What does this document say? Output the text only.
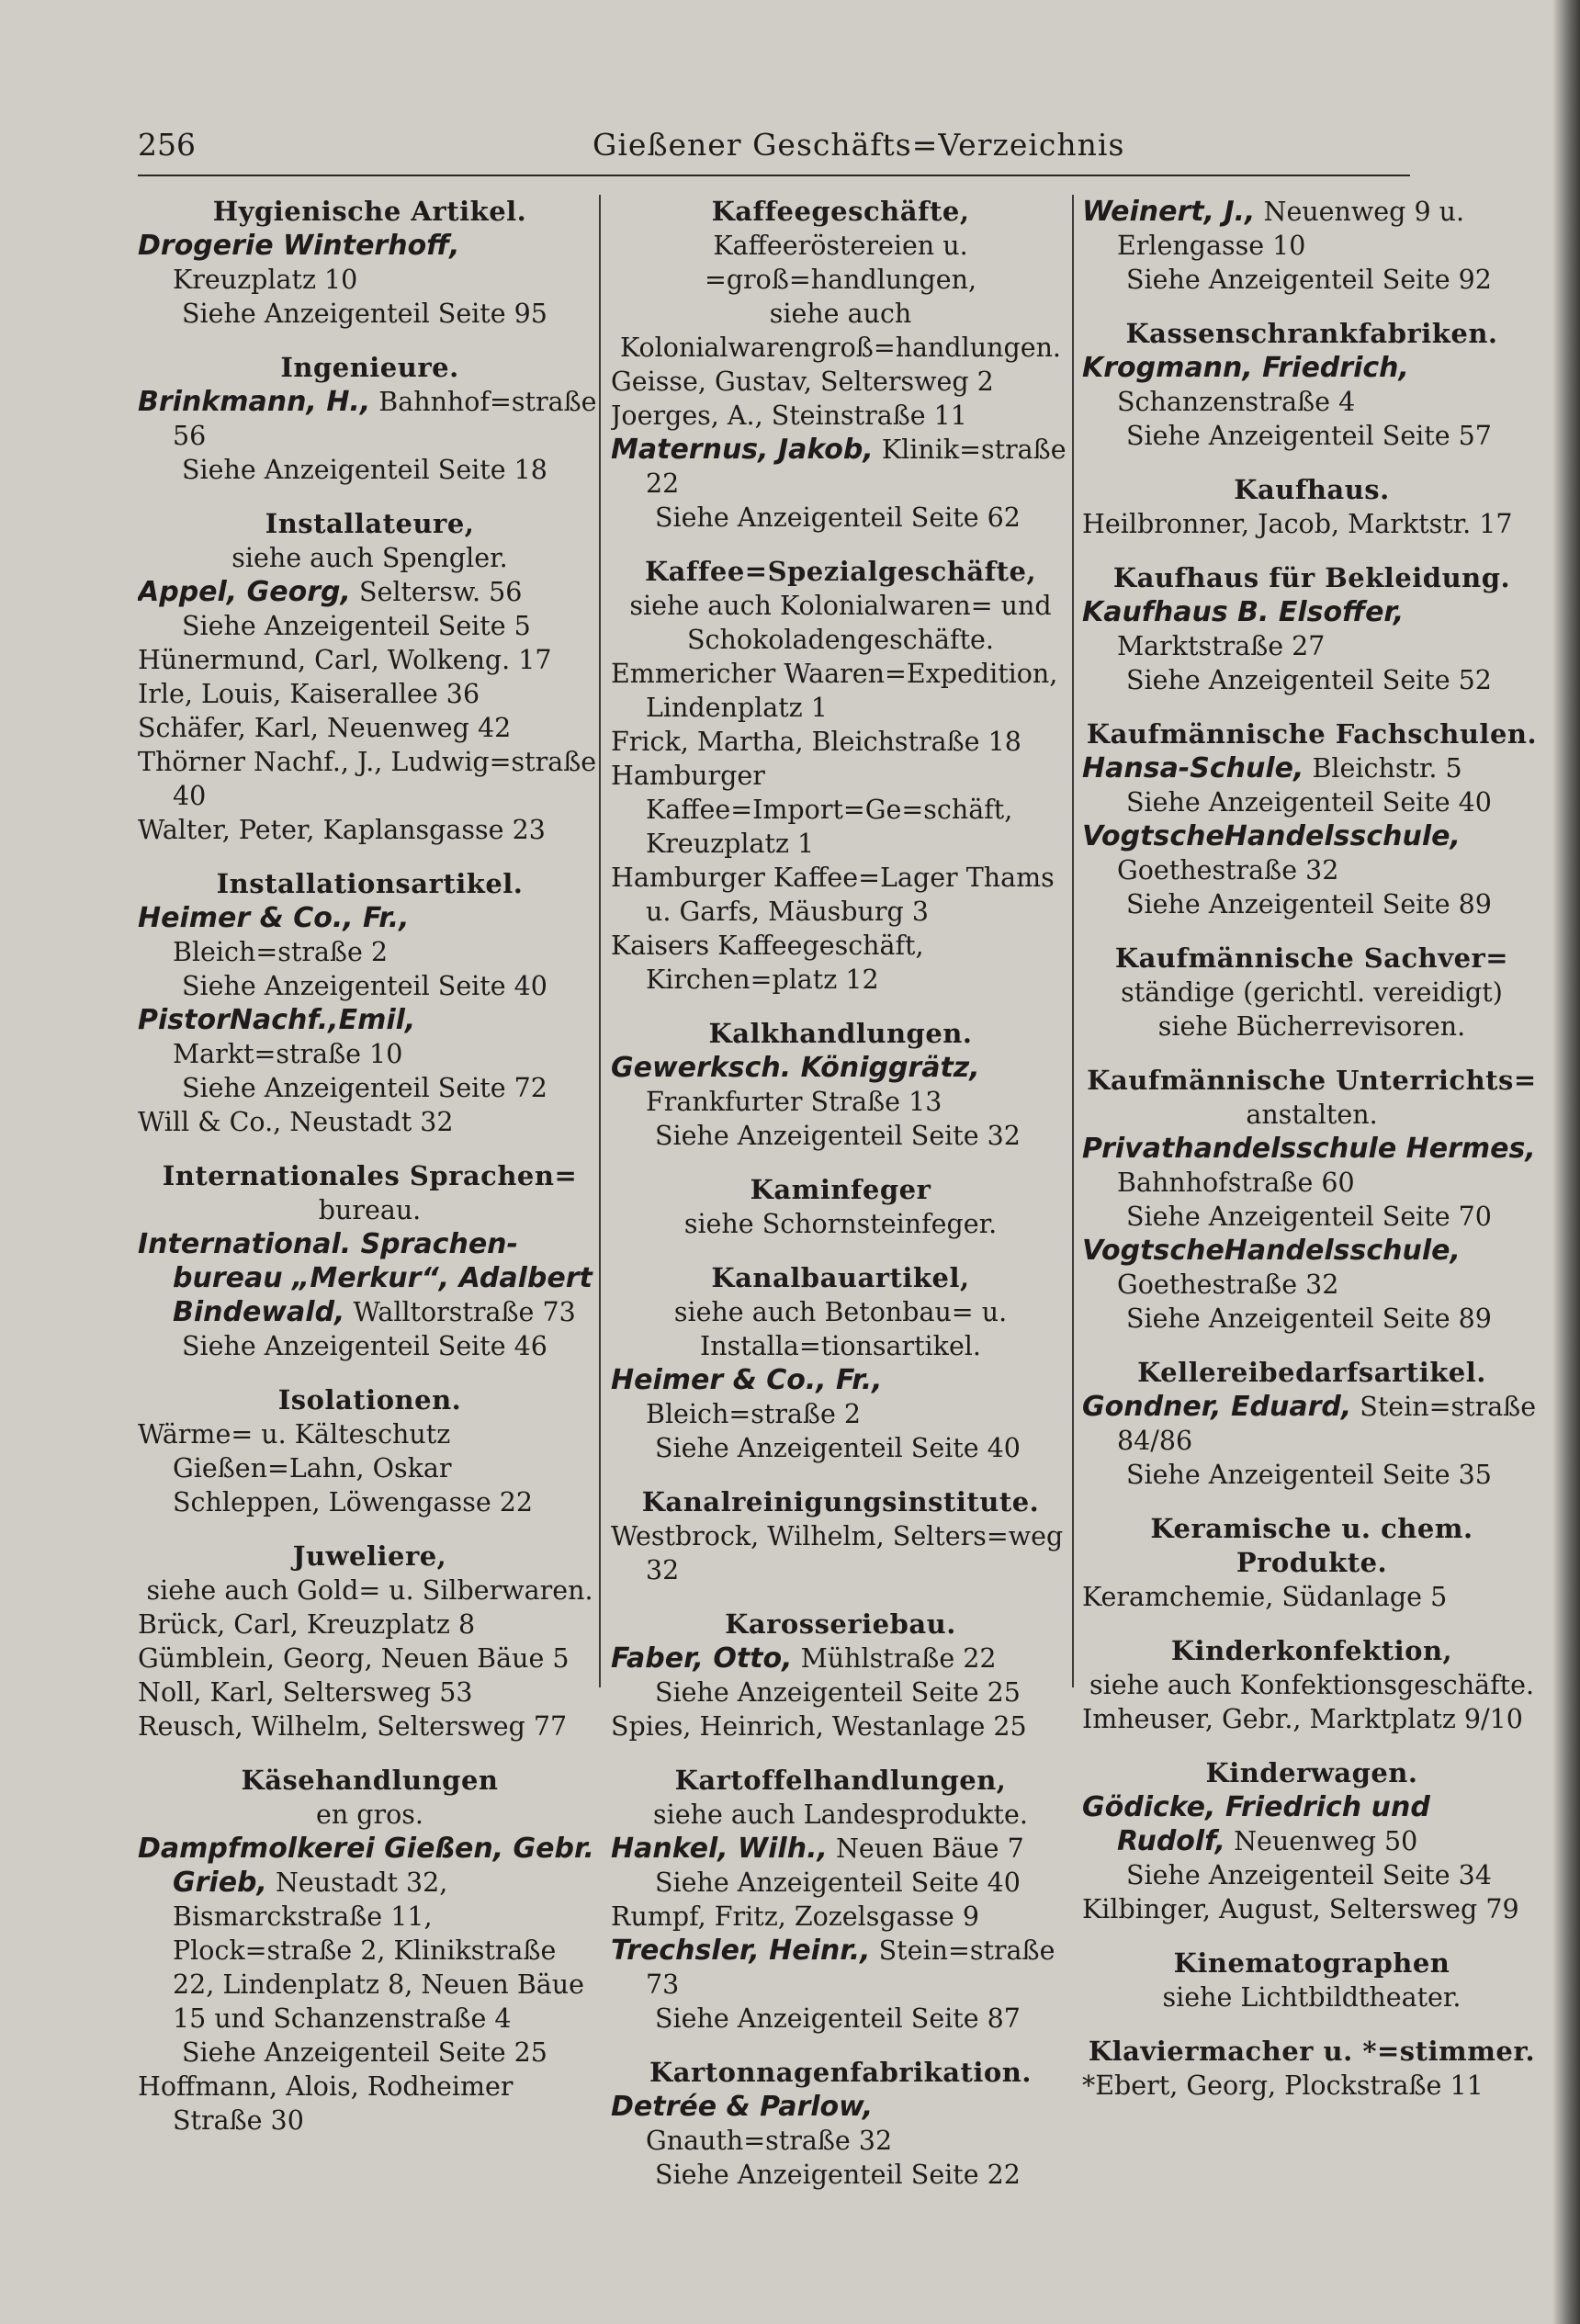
256	Gießener Geschäfts=Verzeichnis
Hygienische Artikel.
Drogerie Winterhoff, Kreuzplatz 10
Siehe Anzeigenteil Seite 95
Ingenieure.
Brinkmann, H., Bahnhof=straße 56
Siehe Anzeigenteil Seite 18
Installateure,
siehe auch Spengler.
Appel, Georg, Seltersw. 56
Siehe Anzeigenteil Seite 5
Hünermund, Carl, Wolkeng. 17
Irle, Louis, Kaiserallee 36
Schäfer, Karl, Neuenweg 42
Thörner Nachf., J., Ludwig=straße 40
Walter, Peter, Kaplansgasse 23
Installationsartikel.
Heimer & Co., Fr., Bleich=straße 2
Siehe Anzeigenteil Seite 40
PistorNachf.,Emil, Markt=straße 10
Siehe Anzeigenteil Seite 72
Will & Co., Neustadt 32
Internationales Sprachen=
bureau.
International. Sprachen-bureau „Merkur“, Adalbert Bindewald, Walltorstraße 73
Siehe Anzeigenteil Seite 46
Isolationen.
Wärme= u. Kälteschutz Gießen=Lahn, Oskar Schleppen, Löwengasse 22
Juweliere,
siehe auch Gold= u. Silberwaren.
Brück, Carl, Kreuzplatz 8
Gümblein, Georg, Neuen Bäue 5
Noll, Karl, Seltersweg 53
Reusch, Wilhelm, Seltersweg 77
Käsehandlungen
en gros.
Dampfmolkerei Gießen, Gebr. Grieb, Neustadt 32, Bismarckstraße 11, Plock=straße 2, Klinikstraße 22, Lindenplatz 8, Neuen Bäue 15 und Schanzenstraße 4
Siehe Anzeigenteil Seite 25
Hoffmann, Alois, Rodheimer Straße 30
Kaffeegeschäfte,
Kaffeeröstereien u. =groß=handlungen,
siehe auch Kolonialwarengroß=handlungen.
Geisse, Gustav, Seltersweg 2
Joerges, A., Steinstraße 11
Maternus, Jakob, Klinik=straße 22
Siehe Anzeigenteil Seite 62
Kaffee=Spezialgeschäfte,
siehe auch Kolonialwaren= und Schokoladengeschäfte.
Emmericher Waaren=Expedition, Lindenplatz 1
Frick, Martha, Bleichstraße 18
Hamburger Kaffee=Import=Ge=schäft, Kreuzplatz 1
Hamburger Kaffee=Lager Thams u. Garfs, Mäusburg 3
Kaisers Kaffeegeschäft, Kirchen=platz 12
Kalkhandlungen.
Gewerksch. Königgrätz, Frankfurter Straße 13
Siehe Anzeigenteil Seite 32
Kaminfeger
siehe Schornsteinfeger.
Kanalbauartikel,
siehe auch Betonbau= u. Installa=tionsartikel.
Heimer & Co., Fr., Bleich=straße 2
Siehe Anzeigenteil Seite 40
Kanalreinigungsinstitute.
Westbrock, Wilhelm, Selters=weg 32
Karosseriebau.
Faber, Otto, Mühlstraße 22
Siehe Anzeigenteil Seite 25
Spies, Heinrich, Westanlage 25
Kartoffelhandlungen,
siehe auch Landesprodukte.
Hankel, Wilh., Neuen Bäue 7
Siehe Anzeigenteil Seite 40
Rumpf, Fritz, Zozelsgasse 9
Trechsler, Heinr., Stein=straße 73
Siehe Anzeigenteil Seite 87
Kartonnagenfabrikation.
Detrée & Parlow, Gnauth=straße 32
Siehe Anzeigenteil Seite 22
Weinert, J., Neuenweg 9 u. Erlengasse 10
Siehe Anzeigenteil Seite 92
Kassenschrankfabriken.
Krogmann, Friedrich, Schanzenstraße 4
Siehe Anzeigenteil Seite 57
Kaufhaus.
Heilbronner, Jacob, Marktstr. 17
Kaufhaus für Bekleidung.
Kaufhaus B. Elsoffer, Marktstraße 27
Siehe Anzeigenteil Seite 52
Kaufmännische Fachschulen.
Hansa-Schule, Bleichstr. 5
Siehe Anzeigenteil Seite 40
VogtscheHandelsschule, Goethestraße 32
Siehe Anzeigenteil Seite 89
Kaufmännische Sachver=
ständige (gerichtl. vereidigt)
siehe Bücherrevisoren.
Kaufmännische Unterrichts=
anstalten.
Privathandelsschule Hermes, Bahnhofstraße 60
Siehe Anzeigenteil Seite 70
VogtscheHandelsschule, Goethestraße 32
Siehe Anzeigenteil Seite 89
Kellereibedarfsartikel.
Gondner, Eduard, Stein=straße 84/86
Siehe Anzeigenteil Seite 35
Keramische u. chem. Produkte.
Keramchemie, Südanlage 5
Kinderkonfektion,
siehe auch Konfektionsgeschäfte.
Imheuser, Gebr., Marktplatz 9/10
Kinderwagen.
Gödicke, Friedrich und Rudolf, Neuenweg 50
Siehe Anzeigenteil Seite 34
Kilbinger, August, Seltersweg 79
Kinematographen
siehe Lichtbildtheater.
Klaviermacher u. *=stimmer.
*Ebert, Georg, Plockstraße 11
